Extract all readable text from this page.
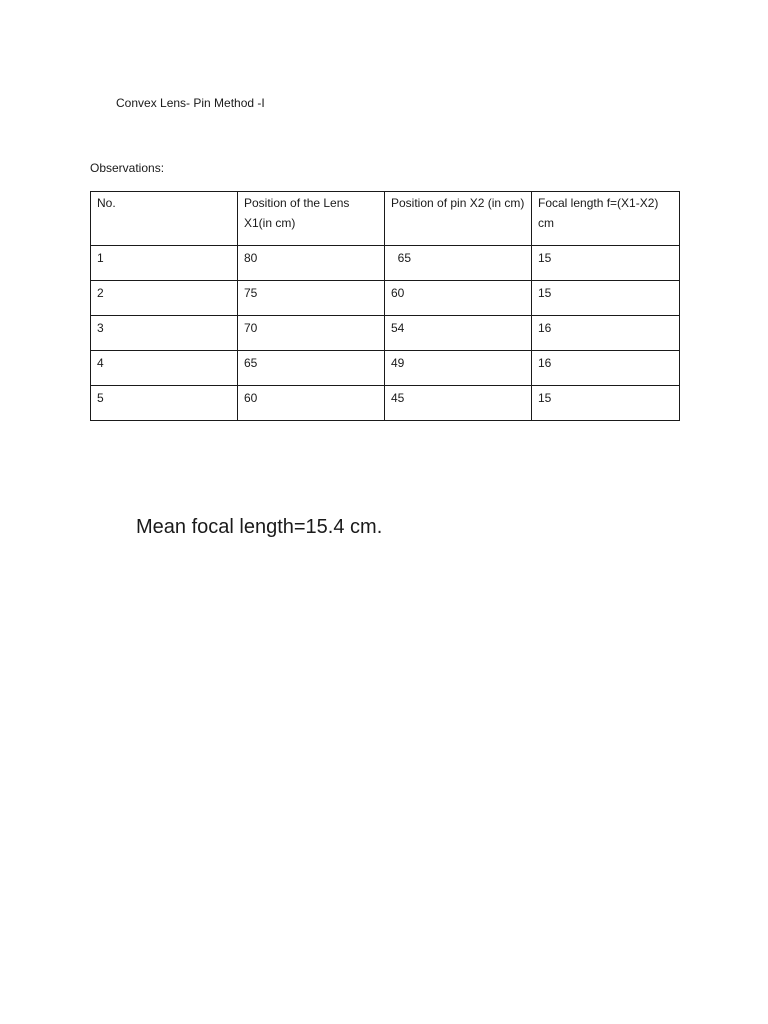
Convex Lens- Pin Method -I
Observations:
No.	Position of the Lens X1(in cm)	Position of pin X2 (in cm)	Focal length f=(X1-X2) cm
1	80	65	15
2	75	60	15
3	70	54	16
4	65	49	16
5	60	45	15
Mean focal length=15.4 cm.
